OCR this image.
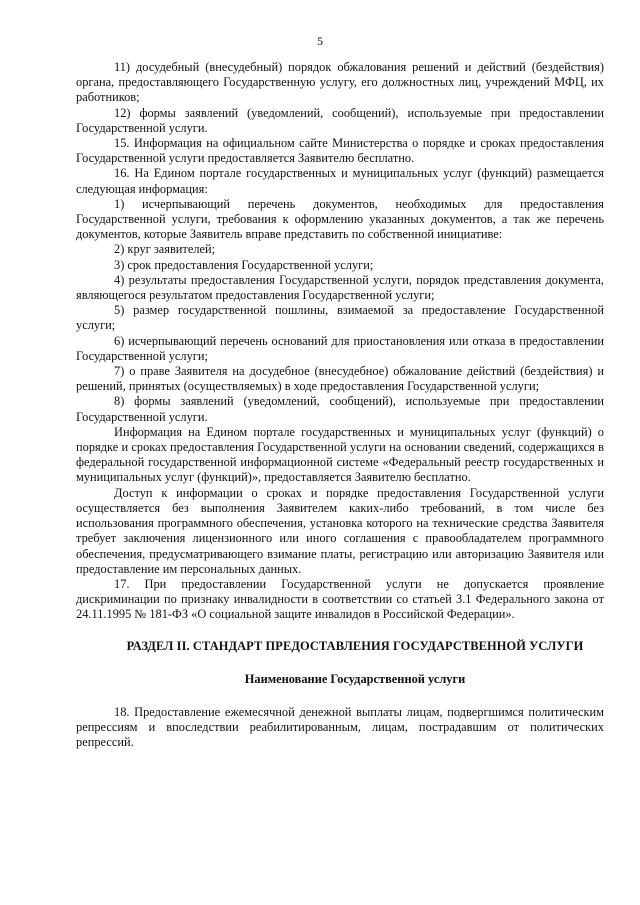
5

11) досудебный (внесудебный) порядок обжалования решений и действий (бездействия) органа, предоставляющего Государственную услугу, его должностных лиц, учреждений МФЦ, их работников;

12) формы заявлений (уведомлений, сообщений), используемые при предоставлении Государственной услуги.

15. Информация на официальном сайте Министерства о порядке и сроках предоставления Государственной услуги предоставляется Заявителю бесплатно.

16. На Едином портале государственных и муниципальных услуг (функций) размещается следующая информация:

1) исчерпывающий перечень документов, необходимых для предоставления Государственной услуги, требования к оформлению указанных документов, а так же перечень документов, которые Заявитель вправе представить по собственной инициативе:

2) круг заявителей;

3) срок предоставления Государственной услуги;

4) результаты предоставления Государственной услуги, порядок представления документа, являющегося результатом предоставления Государственной услуги;

5) размер государственной пошлины, взимаемой за предоставление Государственной услуги;

6) исчерпывающий перечень оснований для приостановления или отказа в предоставлении Государственной услуги;

7) о праве Заявителя на досудебное (внесудебное) обжалование действий (бездействия) и решений, принятых (осуществляемых) в ходе предоставления Государственной услуги;

8) формы заявлений (уведомлений, сообщений), используемые при предоставлении Государственной услуги.

Информация на Едином портале государственных и муниципальных услуг (функций) о порядке и сроках предоставления Государственной услуги на основании сведений, содержащихся в федеральной государственной информационной системе «Федеральный реестр государственных и муниципальных услуг (функций)», предоставляется Заявителю бесплатно.

Доступ к информации о сроках и порядке предоставления Государственной услуги осуществляется без выполнения Заявителем каких-либо требований, в том числе без использования программного обеспечения, установка которого на технические средства Заявителя требует заключения лицензионного или иного соглашения с правообладателем программного обеспечения, предусматривающего взимание платы, регистрацию или авторизацию Заявителя или предоставление им персональных данных.

17. При предоставлении Государственной услуги не допускается проявление дискриминации по признаку инвалидности в соответствии со статьей 3.1 Федерального закона от 24.11.1995 № 181-ФЗ «О социальной защите инвалидов в Российской Федерации».

РАЗДЕЛ II. СТАНДАРТ ПРЕДОСТАВЛЕНИЯ ГОСУДАРСТВЕННОЙ УСЛУГИ

Наименование Государственной услуги

18. Предоставление ежемесячной денежной выплаты лицам, подвергшимся политическим репрессиям и впоследствии реабилитированным, лицам, пострадавшим от политических репрессий.
